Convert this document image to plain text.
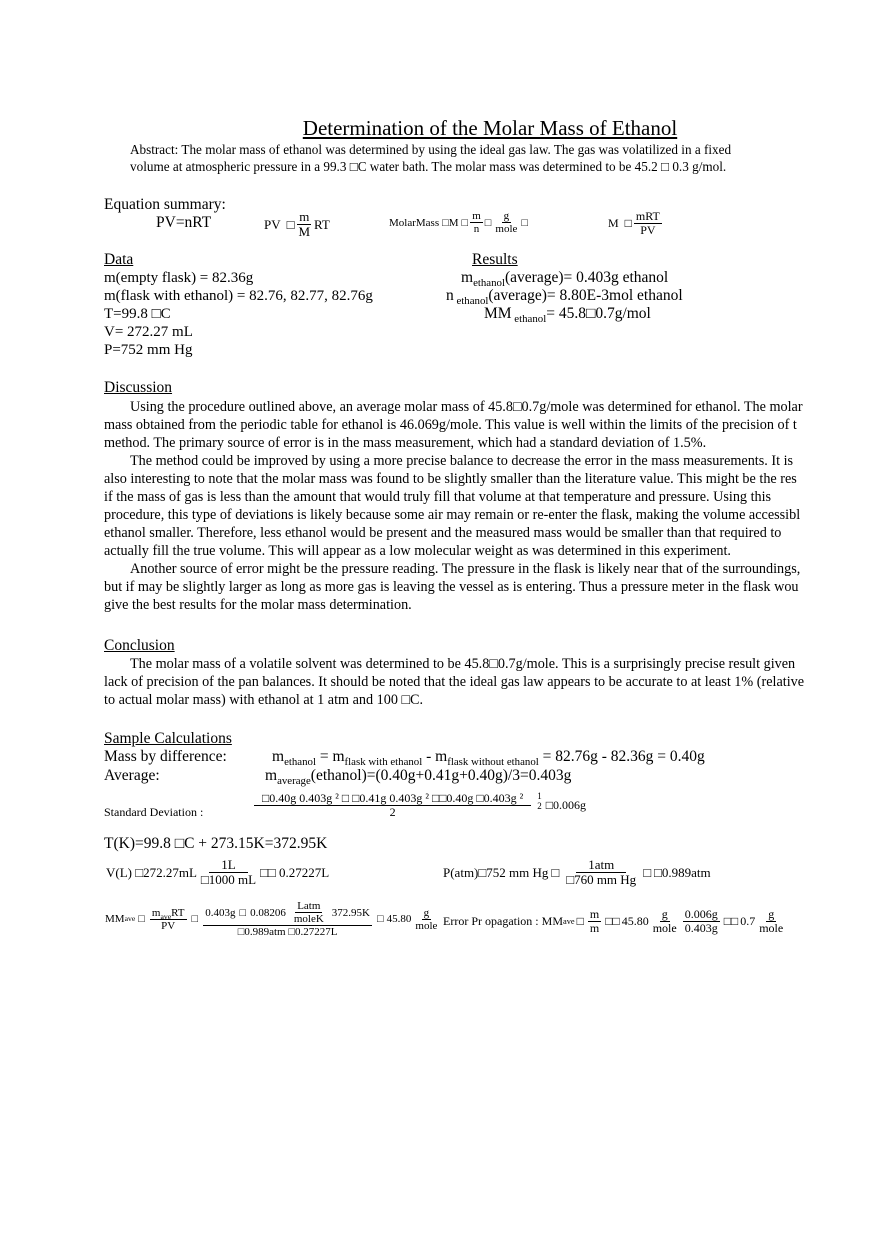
Determination of the Molar Mass of Ethanol
Abstract: The molar mass of ethanol was determined by using the ideal gas law. The gas was volatilized in a fixed
volume at atmospheric pressure in a 99.3 □C water bath. The molar mass was determined to be 45.2 □ 0.3 g/mol.
Equation summary:
PV=nRT	PV □ $\frac{m}{M}$ RT	MolarMass □ M □ $\frac{m}{n}$ □ $\frac{g}{\text{mole}}$ □	M □ $\frac{\text{mRT}}{PV}$
Data
m(empty flask) = 82.36g
m(flask with ethanol) = 82.76, 82.77, 82.76g
T=99.8 □C
V= 272.27 mL
P=752 mm Hg
Results
$m_{ethanol}(average)= 0.403g$ ethanol
n $_{ethanol}$(average)= 8.80E-3mol ethanol
MM $_{ethanol}$= 45.8□0.7g/mol
Discussion
Using the procedure outlined above, an average molar mass of 45.8□0.7g/mole was determined for ethanol. The molar
mass obtained from the periodic table for ethanol is 46.069g/mole. This value is well within the limits of the precision of t
method. The primary source of error is in the mass measurement, which had a standard deviation of 1.5%.
The method could be improved by using a more precise balance to decrease the error in the mass measurements. It is
also interesting to note that the molar mass was found to be slightly smaller than the literature value. This might be the res
if the mass of gas is less than the amount that would truly fill that volume at that temperature and pressure. Using this
procedure, this type of deviations is likely because some air may remain or re-enter the flask, making the volume accessibl
ethanol smaller. Therefore, less ethanol would be present and the measured mass would be smaller than that required to
actually fill the true volume. This will appear as a low molecular weight as was determined in this experiment.
Another source of error might be the pressure reading. The pressure in the flask is likely near that of the surroundings,
but if may be slightly larger as long as more gas is leaving the vessel as is entering. Thus a pressure meter in the flask wou
give the best results for the molar mass determination.
Conclusion
The molar mass of a volatile solvent was determined to be 45.8□0.7g/mole. This is a surprisingly precise result given
lack of precision of the pan balances. It should be noted that the ideal gas law appears to be accurate to at least 1% (relative
to actual molar mass) with ethanol at 1 atm and 100 □C.
Sample Calculations
Mass by difference:	$m_{ethanol} = m_{flask with ethanol} - m_{flask without ethanol} = 82.76g - 82.36g = 0.40g$
Average:	$m_{average}(ethanol)=(0.40g+0.41g+0.40g)/3=0.403g$
Standard Deviation :	$\frac{\text{□0.40g 0.403g ² □ □0.41g 0.403g ² □□0.40g □0.403g ²}}{2} 1$
2 □0.006g
T(K)=99.8 □C + 273.15K=372.95K
V(L) □272.27mL $\frac{1L}{□1000 mL}$ □□ 0.27227L	P(atm)□752 mm Hg □ $\frac{\text{1atm}}{\text{□760 mm Hg}}$ □ □0.989atm
MM ave □ $\frac{m_{ave}RT}{PV}$ □ $\frac{0.403g □ 0.08206 \frac{\text{Latm}}{\text{moleK}} 372.95K}{\text{□0.989atm □0.27227L}}$ □ $45.80 \frac{g}{\text{mole}}$ Error Pr opagation : MM ave □ $\frac{m}{m}$ □□ $45.80 \frac{g}{\text{mole}} \frac{0.006g}{0.403g}$ □□ $0.7 \frac{g}{\text{mole}}$
